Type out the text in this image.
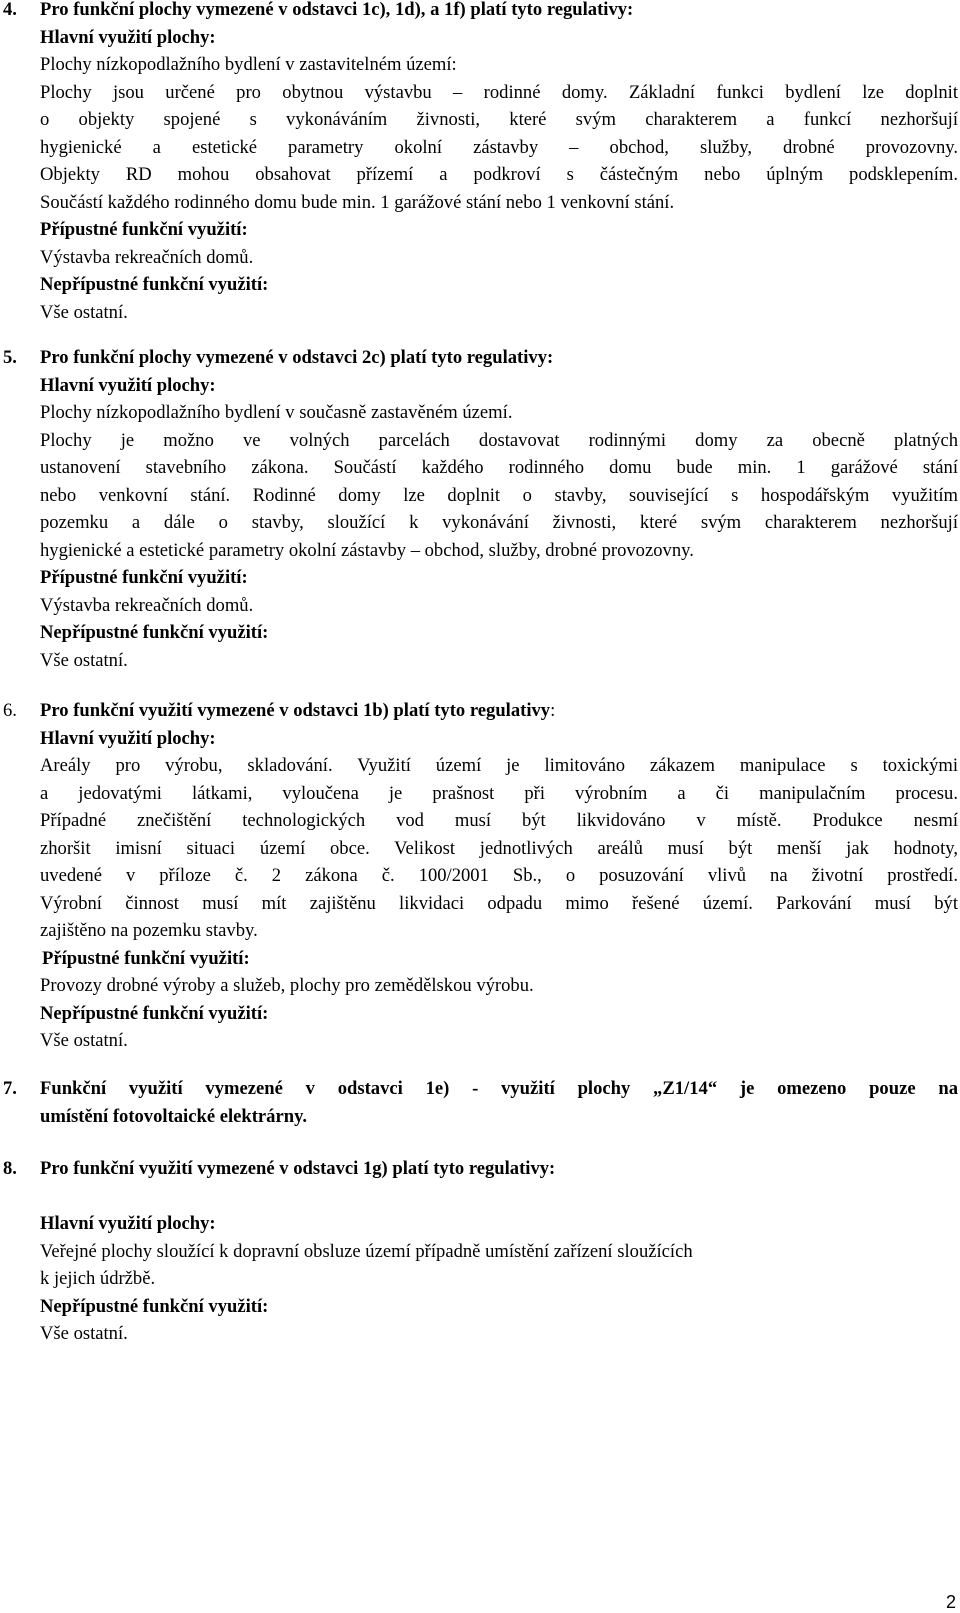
4. Pro funkční plochy vymezené v odstavci 1c), 1d), a 1f) platí tyto regulativy:
Hlavní využití plochy:
Plochy nízkopodlažního bydlení v zastavitelném území:
Plochy jsou určené pro obytnou výstavbu – rodinné domy. Základní funkci bydlení lze doplnit
o objekty spojené s vykonáváním živnosti, které svým charakterem a funkcí nezhoršují
hygienické a estetické parametry okolní zástavby – obchod, služby, drobné provozovny.
Objekty RD mohou obsahovat přízemí a podkroví s částečným nebo úplným podsklepením.
Součástí každého rodinného domu bude min. 1 garážové stání nebo 1 venkovní stání.
Přípustné funkční využití:
Výstavba rekreačních domů.
Nepřípustné funkční využití:
Vše ostatní.
5. Pro funkční plochy vymezené v odstavci 2c) platí tyto regulativy:
Hlavní využití plochy:
Plochy nízkopodlažního bydlení v současně zastavěném území.
Plochy je možno ve volných parcelách dostavovat rodinnými domy za obecně platných
ustanovení stavebního zákona. Součástí každého rodinného domu bude min. 1 garážové stání
nebo venkovní stání. Rodinné domy lze doplnit o stavby, související s hospodářským využitím
pozemku a dále o stavby, sloužící k vykonávání živnosti, které svým charakterem nezhoršují
hygienické a estetické parametry okolní zástavby – obchod, služby, drobné provozovny.
Přípustné funkční využití:
Výstavba rekreačních domů.
Nepřípustné funkční využití:
Vše ostatní.
6. Pro funkční využití vymezené v odstavci 1b) platí tyto regulativy:
Hlavní využití plochy:
Areály pro výrobu, skladování. Využití území je limitováno zákazem manipulace s toxickými
a jedovatými látkami, vyloučena je prašnost při výrobním a či manipulačním procesu.
Případné znečištění technologických vod musí být likvidováno v místě. Produkce nesmí
zhoršit imisní situaci území obce. Velikost jednotlivých areálů musí být menší jak hodnoty,
uvedené v příloze č. 2 zákona č. 100/2001 Sb., o posuzování vlivů na životní prostředí.
Výrobní činnost musí mít zajištěnu likvidaci odpadu mimo řešené území. Parkování musí být
zajištěno na pozemku stavby.
Přípustné funkční využití:
Provozy drobné výroby a služeb, plochy pro zemědělskou výrobu.
Nepřípustné funkční využití:
Vše ostatní.
7. Funkční využití vymezené v odstavci 1e) - využití plochy „Z1/14“ je omezeno pouze na
umístění fotovoltaické elektrárny.
8. Pro funkční využití vymezené v odstavci 1g) platí tyto regulativy:
Hlavní využití plochy:
Veřejné plochy sloužící k dopravní obsluze území případně umístění zařízení sloužících
k jejich údržbě.
Nepřípustné funkční využití:
Vše ostatní.
2
